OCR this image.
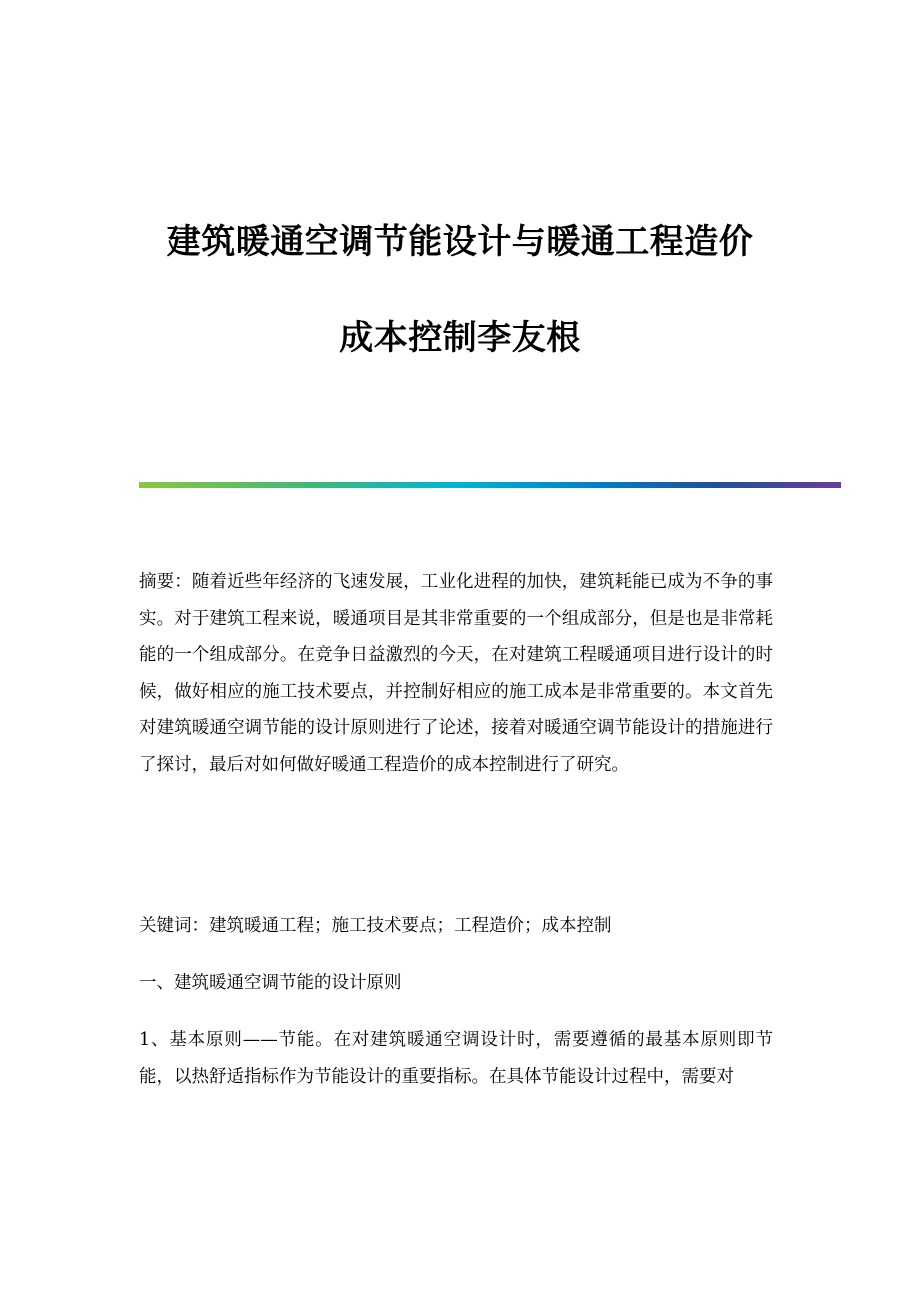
建筑暖通空调节能设计与暖通工程造价
成本控制李友根

摘要：随着近些年经济的飞速发展，工业化进程的加快，建筑耗能已成为不争的事实。对于建筑工程来说，暖通项目是其非常重要的一个组成部分，但是也是非常耗能的一个组成部分。在竞争日益激烈的今天，在对建筑工程暖通项目进行设计的时候，做好相应的施工技术要点，并控制好相应的施工成本是非常重要的。本文首先对建筑暖通空调节能的设计原则进行了论述，接着对暖通空调节能设计的措施进行了探讨，最后对如何做好暖通工程造价的成本控制进行了研究。

关键词：建筑暖通工程；施工技术要点；工程造价；成本控制

一、建筑暖通空调节能的设计原则

1、基本原则——节能。在对建筑暖通空调设计时，需要遵循的最基本原则即节能，以热舒适指标作为节能设计的重要指标。在具体节能设计过程中，需要对
